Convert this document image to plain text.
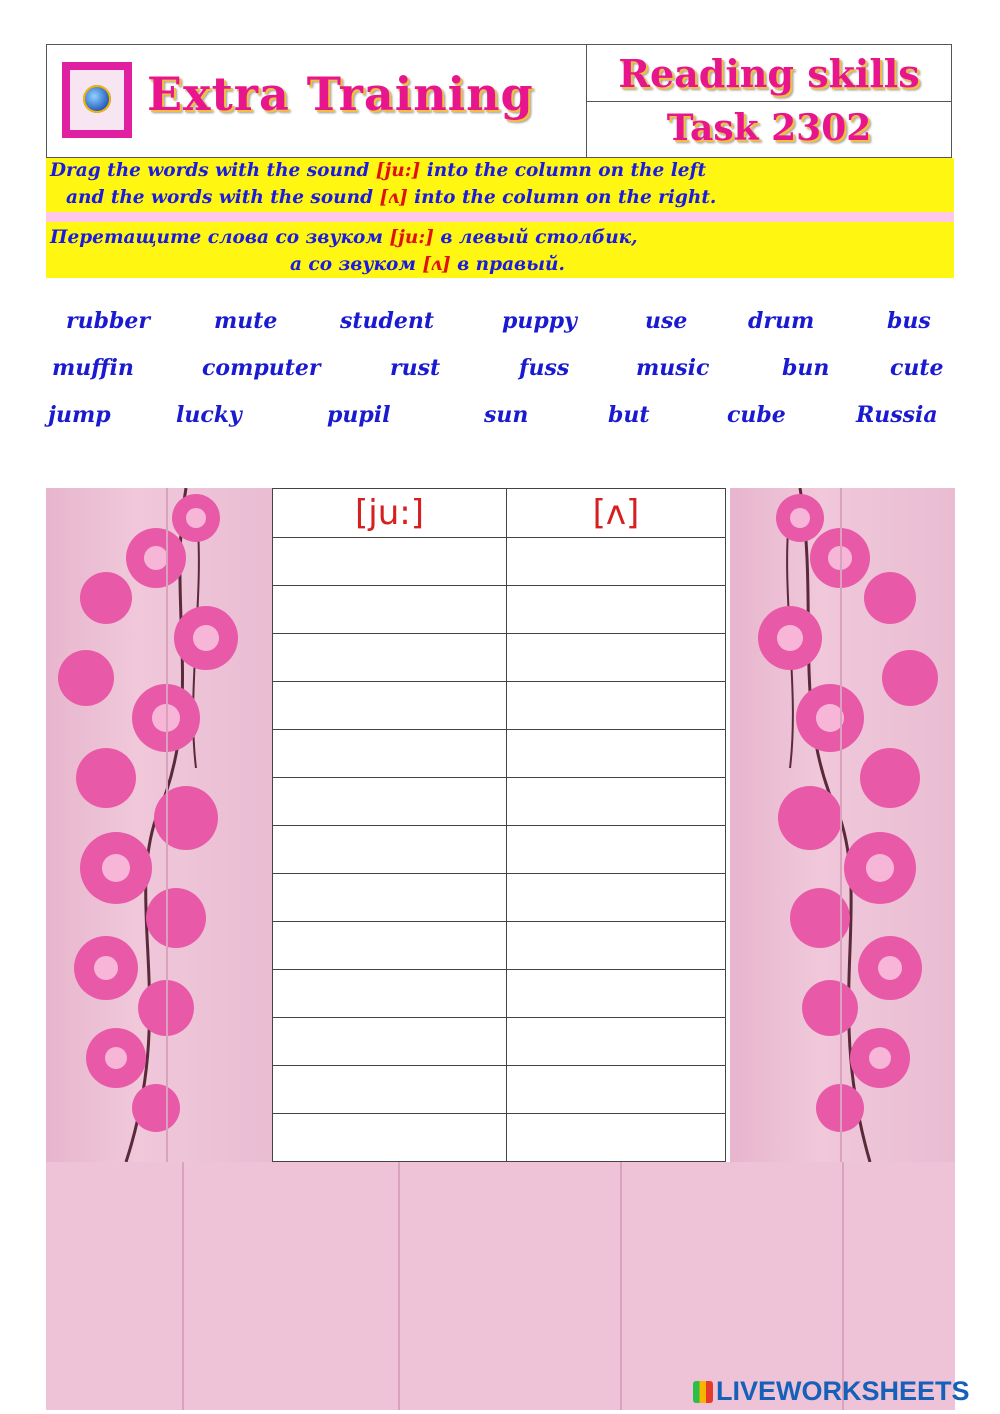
Extra Training	Reading skills
Task 2302
Drag the words with the sound [ju:] into the column on the left
and the words with the sound [ʌ] into the column on the right.
Перетащите слова со звуком [ju:] в левый столбик,
а со звуком [ʌ] в правый.
rubber	mute	student	puppy	use	drum	bus
muffin	computer	rust	fuss	music	bun	cute
jump	lucky	pupil	sun	but	cube	Russia
[ju:]	[ʌ]
LIVEWORKSHEETS
